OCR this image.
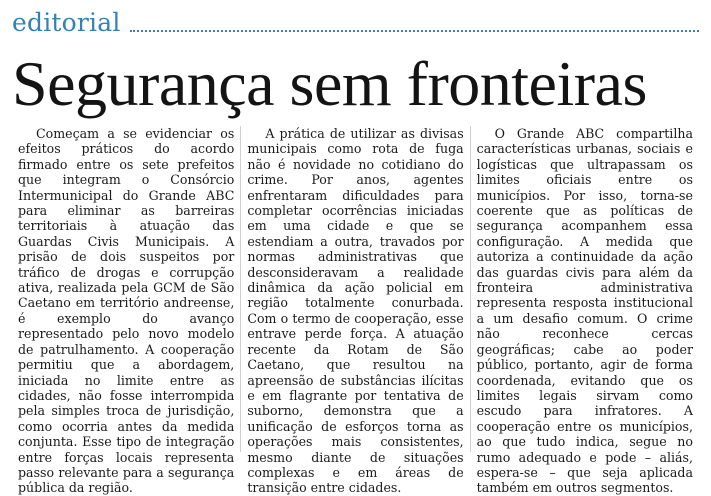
editorial
Segurança sem fronteiras

Começam a se evidenciar os efeitos práticos do acordo firmado entre os sete prefeitos que integram o Consórcio Intermunicipal do Grande ABC para eliminar as barreiras territoriais à atuação das Guardas Civis Municipais. A prisão de dois suspeitos por tráfico de drogas e corrupção ativa, realizada pela GCM de São Caetano em território andreense, é exemplo do avanço representado pelo novo modelo de patrulhamento. A cooperação permitiu que a abordagem, iniciada no limite entre as cidades, não fosse interrompida pela simples troca de jurisdição, como ocorria antes da medida conjunta. Esse tipo de integração entre forças locais representa passo relevante para a segurança pública da região.

A prática de utilizar as divisas municipais como rota de fuga não é novidade no cotidiano do crime. Por anos, agentes enfrentaram dificuldades para completar ocorrências iniciadas em uma cidade e que se estendiam a outra, travados por normas administrativas que desconsideravam a realidade dinâmica da ação policial em região totalmente conurbada. Com o termo de cooperação, esse entrave perde força. A atuação recente da Rotam de São Caetano, que resultou na apreensão de substâncias ilícitas e em flagrante por tentativa de suborno, demonstra que a unificação de esforços torna as operações mais consistentes, mesmo diante de situações complexas e em áreas de transição entre cidades.

O Grande ABC compartilha características urbanas, sociais e logísticas que ultrapassam os limites oficiais entre os municípios. Por isso, torna-se coerente que as políticas de segurança acompanhem essa configuração. A medida que autoriza a continuidade da ação das guardas civis para além da fronteira administrativa representa resposta institucional a um desafio comum. O crime não reconhece cercas geográficas; cabe ao poder público, portanto, agir de forma coordenada, evitando que os limites legais sirvam como escudo para infratores. A cooperação entre os municípios, ao que tudo indica, segue no rumo adequado e pode – aliás, espera-se – que seja aplicada também em outros segmentos.
